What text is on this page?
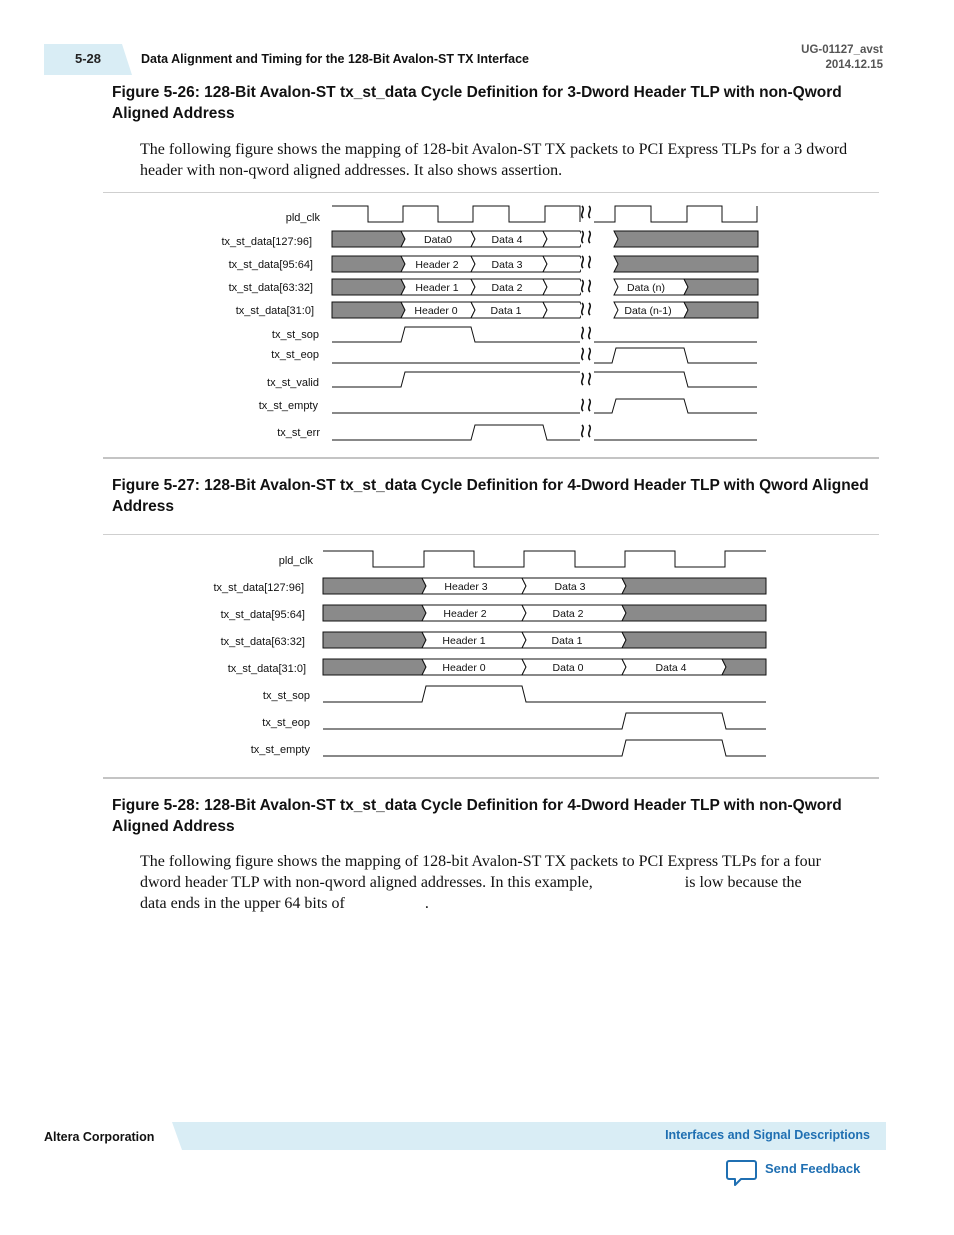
5-28	Data Alignment and Timing for the 128-Bit Avalon-ST TX Interface
UG-01127_avst
2014.12.15
Figure 5-26: 128-Bit Avalon-ST tx_st_data Cycle Definition for 3-Dword Header TLP with non-Qword Aligned Address
The following figure shows the mapping of 128-bit Avalon-ST TX packets to PCI Express TLPs for a 3 dword header with non-qword aligned addresses. It also shows assertion.
pld_clk
tx_st_data[127:96]
tx_st_data[95:64]
tx_st_data[63:32]
tx_st_data[31:0]
tx_st_sop
tx_st_eop
tx_st_valid
tx_st_empty
tx_st_err
Data0	Data 4
Header 2	Data 3
Header 1	Data 2	Data (n)
Header 0	Data 1	Data (n-1)
Figure 5-27: 128-Bit Avalon-ST tx_st_data Cycle Definition for 4-Dword Header TLP with Qword Aligned Address
pld_clk
tx_st_data[127:96]
tx_st_data[95:64]
tx_st_data[63:32]
tx_st_data[31:0]
tx_st_sop
tx_st_eop
tx_st_empty
Header 3	Data 3
Header 2	Data 2
Header 1	Data 1
Header 0	Data 0	Data 4
Figure 5-28: 128-Bit Avalon-ST tx_st_data Cycle Definition for 4-Dword Header TLP with non-Qword Aligned Address
The following figure shows the mapping of 128-bit Avalon-ST TX packets to PCI Express TLPs for a four
dword header TLP with non-qword aligned addresses. In this example,                       is low because the
data ends in the upper 64 bits of                    .
Altera Corporation	Interfaces and Signal Descriptions
Send Feedback
